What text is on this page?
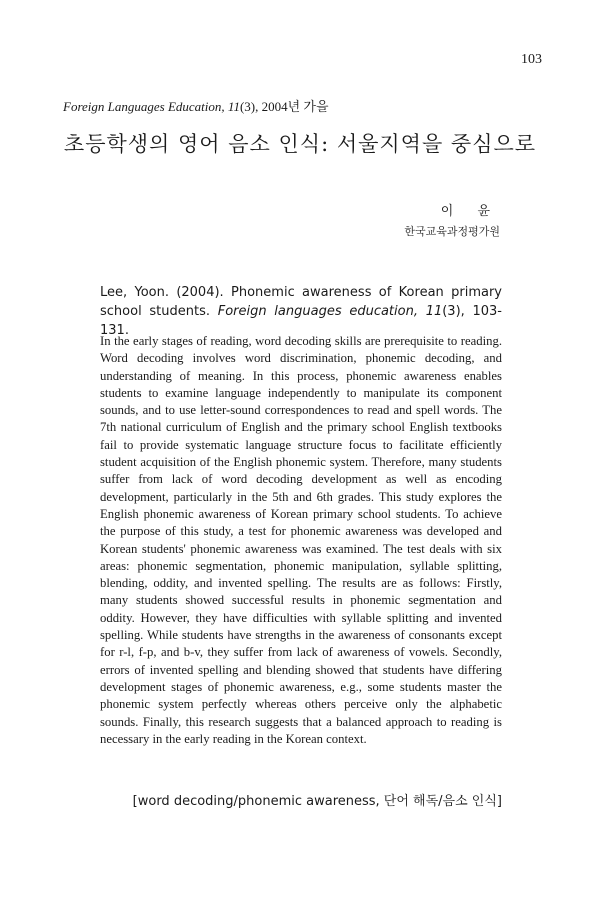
103
Foreign Languages Education, 11(3), 2004년 가을
초등학생의 영어 음소 인식: 서울지역을 중심으로
이 윤
한국교육과정평가원
Lee, Yoon. (2004). Phonemic awareness of Korean primary school students. Foreign languages education, 11(3), 103-131.

In the early stages of reading, word decoding skills are prerequisite to reading. Word decoding involves word discrimination, phonemic decoding, and understanding of meaning. In this process, phonemic awareness enables students to examine language independently to manipulate its component sounds, and to use letter-sound correspondences to read and spell words. The 7th national curriculum of English and the primary school English textbooks fail to provide systematic language structure focus to facilitate efficiently student acquisition of the English phonemic system. Therefore, many students suffer from lack of word decoding development as well as encoding development, particularly in the 5th and 6th grades. This study explores the English phonemic awareness of Korean primary school students. To achieve the purpose of this study, a test for phonemic awareness was developed and Korean students' phonemic awareness was examined. The test deals with six areas: phonemic segmentation, phonemic manipulation, syllable splitting, blending, oddity, and invented spelling. The results are as follows: Firstly, many students showed successful results in phonemic segmentation and oddity. However, they have difficulties with syllable splitting and invented spelling. While students have strengths in the awareness of consonants except for r-l, f-p, and b-v, they suffer from lack of awareness of vowels. Secondly, errors of invented spelling and blending showed that students have differing development stages of phonemic awareness, e.g., some students master the phonemic system perfectly whereas others perceive only the alphabetic sounds. Finally, this research suggests that a balanced approach to reading is necessary in the early reading in the Korean context.

[word decoding/phonemic awareness, 단어 해독/음소 인식]
